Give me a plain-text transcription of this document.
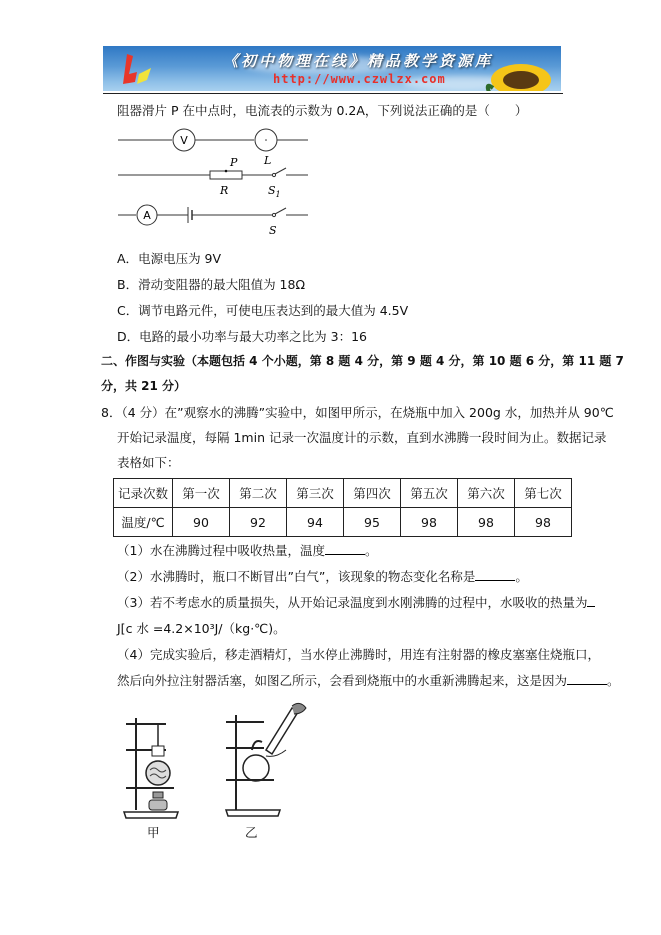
《初中物理在线》精品教学资源库
http://www.czwlzx.com
阻器滑片 P 在中点时，电流表的示数为 0.2A，下列说法正确的是（　　）
V
P
R
L
$S_1$
A
S
A．电源电压为 9V
B．滑动变阻器的最大阻值为 18Ω
C．调节电路元件，可使电压表达到的最大值为 4.5V
D．电路的最小功率与最大功率之比为 3：16
二、作图与实验（本题包括 4 个小题，第 8 题 4 分，第 9 题 4 分，第 10 题 6 分，第 11 题 7
分，共 21 分）
8．（4 分）在”观察水的沸腾”实验中，如图甲所示，在烧瓶中加入 200g 水，加热并从 90℃
开始记录温度，每隔 1min 记录一次温度计的示数，直到水沸腾一段时间为止。数据记录
表格如下：
记录次数	第一次	第二次	第三次	第四次	第五次	第六次	第七次
温度/℃	90	92	94	95	98	98	98
（1）水在沸腾过程中吸收热量，温度	。
（2）水沸腾时，瓶口不断冒出”白气”，该现象的物态变化名称是	。
（3）若不考虑水的质量损失，从开始记录温度到水刚沸腾的过程中，水吸收的热量为
J[c 水 =4.2×10³J/（kg·℃)。
（4）完成实验后，移走酒精灯，当水停止沸腾时，用连有注射器的橡皮塞塞住烧瓶口，
然后向外拉注射器活塞，如图乙所示，会看到烧瓶中的水重新沸腾起来，这是因为	。
甲	乙
